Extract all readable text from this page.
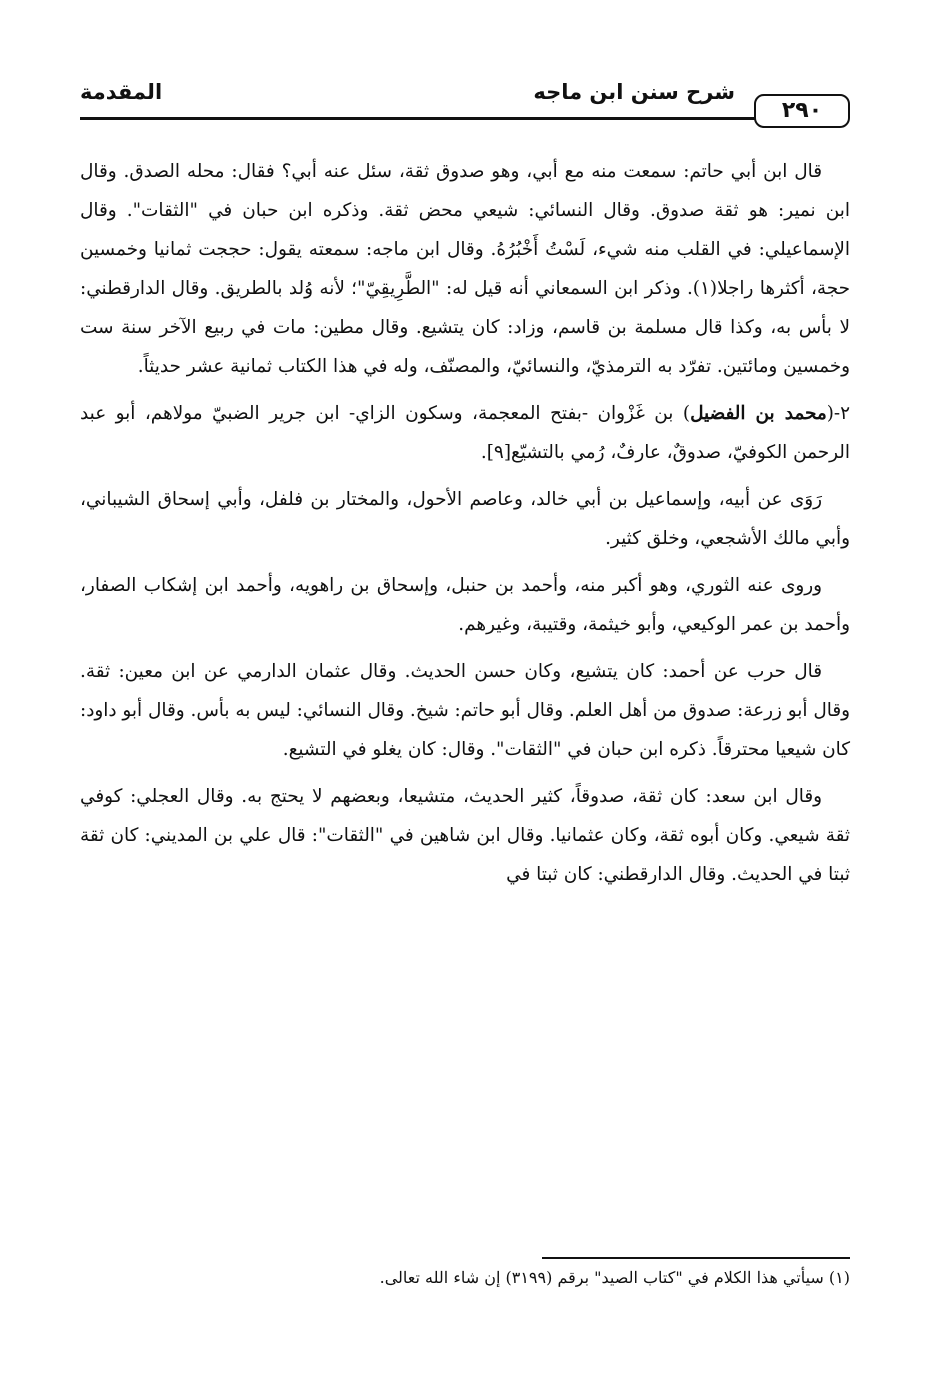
٢٩٠
شرح سنن ابن ماجه
المقدمة

قال ابن أبي حاتم: سمعت منه مع أبي، وهو صدوق ثقة، سئل عنه أبي؟ فقال: محله الصدق. وقال ابن نمير: هو ثقة صدوق. وقال النسائي: شيعي محض ثقة. وذكره ابن حبان في "الثقات". وقال الإسماعيلي: في القلب منه شيء، لَسْتُ أَخْبُرُهُ. وقال ابن ماجه: سمعته يقول: حججت ثمانيا وخمسين حجة، أكثرها راجلا(١). وذكر ابن السمعاني أنه قيل له: "الطَّرِيقِيّ"؛ لأنه وُلد بالطريق. وقال الدارقطني: لا بأس به، وكذا قال مسلمة بن قاسم، وزاد: كان يتشيع. وقال مطين: مات في ربيع الآخر سنة ست وخمسين ومائتين. تفرّد به الترمذيّ، والنسائيّ، والمصنّف، وله في هذا الكتاب ثمانية عشر حديثاً.

٢-(محمد بن الفضيل) بن غَزْوان -بفتح المعجمة، وسكون الزاي- ابن جرير الضبيّ مولاهم، أبو عبد الرحمن الكوفيّ، صدوقٌ، عارفٌ، رُمي بالتشيّع[٩].

رَوَى عن أبيه، وإسماعيل بن أبي خالد، وعاصم الأحول، والمختار بن فلفل، وأبي إسحاق الشيباني، وأبي مالك الأشجعي، وخلق كثير.

وروى عنه الثوري، وهو أكبر منه، وأحمد بن حنبل، وإسحاق بن راهويه، وأحمد ابن إشكاب الصفار، وأحمد بن عمر الوكيعي، وأبو خيثمة، وقتيبة، وغيرهم.

قال حرب عن أحمد: كان يتشيع، وكان حسن الحديث. وقال عثمان الدارمي عن ابن معين: ثقة. وقال أبو زرعة: صدوق من أهل العلم. وقال أبو حاتم: شيخ. وقال النسائي: ليس به بأس. وقال أبو داود: كان شيعيا محترقاً. ذكره ابن حبان في "الثقات". وقال: كان يغلو في التشيع.

وقال ابن سعد: كان ثقة، صدوقاً، كثير الحديث، متشيعا، وبعضهم لا يحتج به. وقال العجلي: كوفي ثقة شيعي. وكان أبوه ثقة، وكان عثمانيا. وقال ابن شاهين في "الثقات": قال علي بن المديني: كان ثقة ثبتا في الحديث. وقال الدارقطني: كان ثبتا في

(١) سيأتي هذا الكلام في "كتاب الصيد" برقم (٣١٩٩) إن شاء الله تعالى.
